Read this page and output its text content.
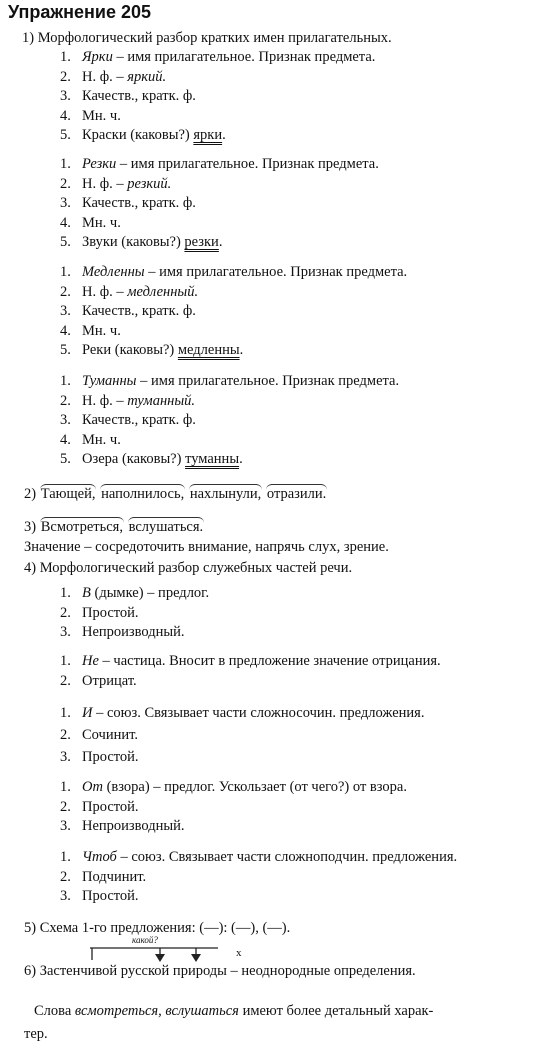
Упражнение 205
1) Морфологический разбор кратких имен прилагательных.
1. Ярки – имя прилагательное. Признак предмета.
2. Н. ф. – яркий.
3. Качеств., кратк. ф.
4. Мн. ч.
5. Краски (каковы?) ярки.
1. Резки – имя прилагательное. Признак предмета.
2. Н. ф. – резкий.
3. Качеств., кратк. ф.
4. Мн. ч.
5. Звуки (каковы?) резки.
1. Медленны – имя прилагательное. Признак предмета.
2. Н. ф. – медленный.
3. Качеств., кратк. ф.
4. Мн. ч.
5. Реки (каковы?) медленны.
1. Туманны – имя прилагательное. Признак предмета.
2. Н. ф. – туманный.
3. Качеств., кратк. ф.
4. Мн. ч.
5. Озера (каковы?) туманны.
2) Тающей, наполнилось, нахлынули, отразили.
3) Всмотреться, вслушаться.
Значение – сосредоточить внимание, напрячь слух, зрение.
4) Морфологический разбор служебных частей речи.
1. В (дымке) – предлог.
2. Простой.
3. Непроизводный.
1. Не – частица. Вносит в предложение значение отрицания.
2. Отрицат.
1. И – союз. Связывает части сложносочин. предложения.
2. Сочинит.
3. Простой.
1. От (взора) – предлог. Ускользает (от чего?) от взора.
2. Простой.
3. Непроизводный.
1. Чтоб – союз. Связывает части сложноподчин. предложения.
2. Подчинит.
3. Простой.
5) Схема 1-го предложения: (—): (—), (—).
какой?
x
6) Застенчивой русской природы – неоднородные определения.
Слова всмотреться, вслушаться имеют более детальный харак-
тер.
